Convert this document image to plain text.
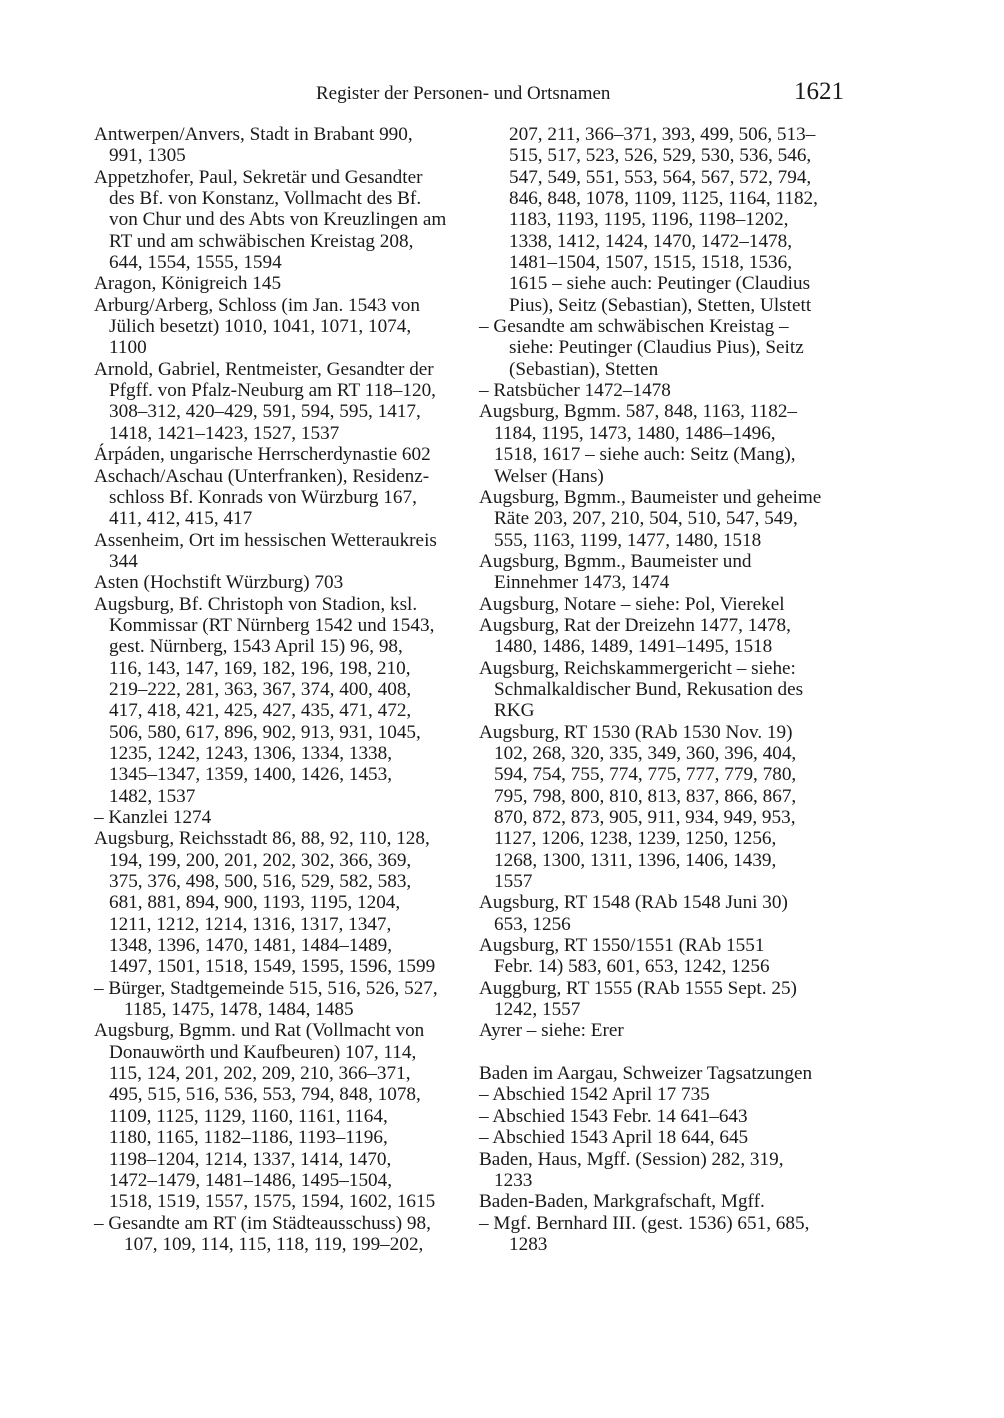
Register der Personen- und Ortsnamen	1621
Antwerpen/Anvers, Stadt in Brabant 990,
991, 1305
Appetzhofer, Paul, Sekretär und Gesandter
des Bf. von Konstanz, Vollmacht des Bf.
von Chur und des Abts von Kreuzlingen am
RT und am schwäbischen Kreistag 208,
644, 1554, 1555, 1594
Aragon, Königreich 145
Arburg/Arberg, Schloss (im Jan. 1543 von
Jülich besetzt) 1010, 1041, 1071, 1074,
1100
Arnold, Gabriel, Rentmeister, Gesandter der
Pfgff. von Pfalz-Neuburg am RT 118–120,
308–312, 420–429, 591, 594, 595, 1417,
1418, 1421–1423, 1527, 1537
Árpáden, ungarische Herrscherdynastie 602
Aschach/Aschau (Unterfranken), Residenz-
schloss Bf. Konrads von Würzburg 167,
411, 412, 415, 417
Assenheim, Ort im hessischen Wetteraukreis
344
Asten (Hochstift Würzburg) 703
Augsburg, Bf. Christoph von Stadion, ksl.
Kommissar (RT Nürnberg 1542 und 1543,
gest. Nürnberg, 1543 April 15) 96, 98,
116, 143, 147, 169, 182, 196, 198, 210,
219–222, 281, 363, 367, 374, 400, 408,
417, 418, 421, 425, 427, 435, 471, 472,
506, 580, 617, 896, 902, 913, 931, 1045,
1235, 1242, 1243, 1306, 1334, 1338,
1345–1347, 1359, 1400, 1426, 1453,
1482, 1537
– Kanzlei 1274
Augsburg, Reichsstadt 86, 88, 92, 110, 128,
194, 199, 200, 201, 202, 302, 366, 369,
375, 376, 498, 500, 516, 529, 582, 583,
681, 881, 894, 900, 1193, 1195, 1204,
1211, 1212, 1214, 1316, 1317, 1347,
1348, 1396, 1470, 1481, 1484–1489,
1497, 1501, 1518, 1549, 1595, 1596, 1599
– Bürger, Stadtgemeinde 515, 516, 526, 527,
1185, 1475, 1478, 1484, 1485
Augsburg, Bgmm. und Rat (Vollmacht von
Donauwörth und Kaufbeuren) 107, 114,
115, 124, 201, 202, 209, 210, 366–371,
495, 515, 516, 536, 553, 794, 848, 1078,
1109, 1125, 1129, 1160, 1161, 1164,
1180, 1165, 1182–1186, 1193–1196,
1198–1204, 1214, 1337, 1414, 1470,
1472–1479, 1481–1486, 1495–1504,
1518, 1519, 1557, 1575, 1594, 1602, 1615
– Gesandte am RT (im Städteausschuss) 98,
107, 109, 114, 115, 118, 119, 199–202,
207, 211, 366–371, 393, 499, 506, 513–
515, 517, 523, 526, 529, 530, 536, 546,
547, 549, 551, 553, 564, 567, 572, 794,
846, 848, 1078, 1109, 1125, 1164, 1182,
1183, 1193, 1195, 1196, 1198–1202,
1338, 1412, 1424, 1470, 1472–1478,
1481–1504, 1507, 1515, 1518, 1536,
1615 – siehe auch: Peutinger (Claudius
Pius), Seitz (Sebastian), Stetten, Ulstett
– Gesandte am schwäbischen Kreistag –
siehe: Peutinger (Claudius Pius), Seitz
(Sebastian), Stetten
– Ratsbücher 1472–1478
Augsburg, Bgmm. 587, 848, 1163, 1182–
1184, 1195, 1473, 1480, 1486–1496,
1518, 1617 – siehe auch: Seitz (Mang),
Welser (Hans)
Augsburg, Bgmm., Baumeister und geheime
Räte 203, 207, 210, 504, 510, 547, 549,
555, 1163, 1199, 1477, 1480, 1518
Augsburg, Bgmm., Baumeister und
Einnehmer 1473, 1474
Augsburg, Notare – siehe: Pol, Vierekel
Augsburg, Rat der Dreizehn 1477, 1478,
1480, 1486, 1489, 1491–1495, 1518
Augsburg, Reichskammergericht – siehe:
Schmalkaldischer Bund, Rekusation des
RKG
Augsburg, RT 1530 (RAb 1530 Nov. 19)
102, 268, 320, 335, 349, 360, 396, 404,
594, 754, 755, 774, 775, 777, 779, 780,
795, 798, 800, 810, 813, 837, 866, 867,
870, 872, 873, 905, 911, 934, 949, 953,
1127, 1206, 1238, 1239, 1250, 1256,
1268, 1300, 1311, 1396, 1406, 1439,
1557
Augsburg, RT 1548 (RAb 1548 Juni 30)
653, 1256
Augsburg, RT 1550/1551 (RAb 1551
Febr. 14) 583, 601, 653, 1242, 1256
Auggburg, RT 1555 (RAb 1555 Sept. 25)
1242, 1557
Ayrer – siehe: Erer
Baden im Aargau, Schweizer Tagsatzungen
– Abschied 1542 April 17 735
– Abschied 1543 Febr. 14 641–643
– Abschied 1543 April 18 644, 645
Baden, Haus, Mgff. (Session) 282, 319,
1233
Baden-Baden, Markgrafschaft, Mgff.
– Mgf. Bernhard III. (gest. 1536) 651, 685,
1283
